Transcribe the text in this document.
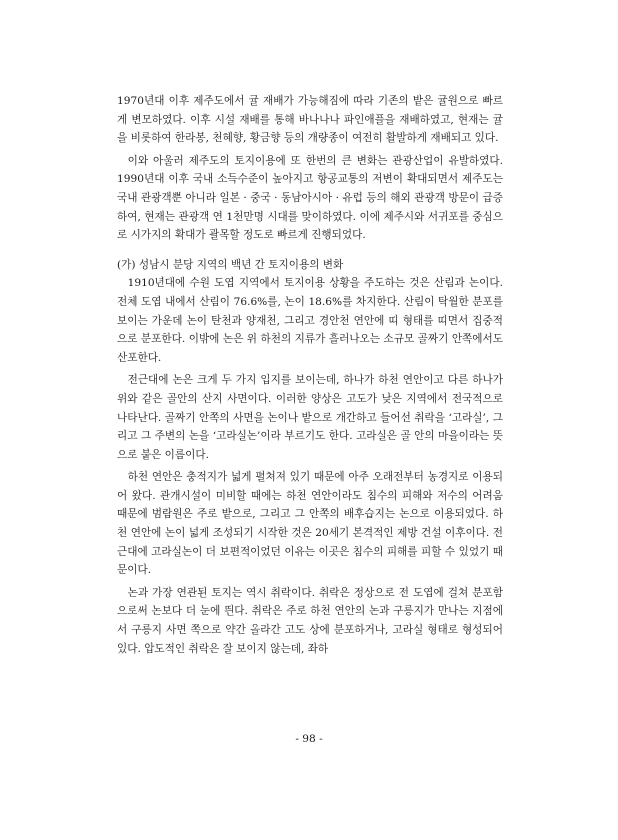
1970년대 이후 제주도에서 귤 재배가 가능해짐에 따라 기존의 밭은 귤원으로 빠르게 변모하였다. 이후 시설 재배를 통해 바나나나 파인애플을 재배하였고, 현재는 귤을 비롯하여 한라봉, 천혜향, 황금향 등의 개량종이 여전히 활발하게 재배되고 있다.

이와 아울러 제주도의 토지이용에 또 한번의 큰 변화는 관광산업이 유발하였다. 1990년대 이후 국내 소득수준이 높아지고 항공교통의 저변이 확대되면서 제주도는 국내 관광객뿐 아니라 일본 · 중국 · 동남아시아 · 유럽 등의 해외 관광객 방문이 급증하여, 현재는 관광객 연 1천만명 시대를 맞이하였다. 이에 제주시와 서귀포를 중심으로 시가지의 확대가 괄목할 정도로 빠르게 진행되었다.

(가) 성남시 분당 지역의 백년 간 토지이용의 변화

1910년대에 수원 도엽 지역에서 토지이용 상황을 주도하는 것은 산림과 논이다. 전체 도엽 내에서 산림이 76.6%를, 논이 18.6%를 차지한다. 산림이 탁월한 분포를 보이는 가운데 논이 탄천과 양재천, 그리고 경안천 연안에 띠 형태를 띠면서 집중적으로 분포한다. 이밖에 논은 위 하천의 지류가 흘러나오는 소규모 골짜기 안쪽에서도 산포한다.

전근대에 논은 크게 두 가지 입지를 보이는데, 하나가 하천 연안이고 다른 하나가 위와 같은 골안의 산지 사면이다. 이러한 양상은 고도가 낮은 지역에서 전국적으로 나타난다. 골짜기 안쪽의 사면을 논이나 밭으로 개간하고 들어선 취락을 ‘고라실’, 그리고 그 주변의 논을 ‘고라실논’이라 부르기도 한다. 고라실은 골 안의 마을이라는 뜻으로 붙은 이름이다.

하천 연안은 충적지가 넓게 펼쳐져 있기 때문에 아주 오래전부터 농경지로 이용되어 왔다. 관개시설이 미비할 때에는 하천 연안이라도 침수의 피해와 저수의 어려움 때문에 범람원은 주로 밭으로, 그리고 그 안쪽의 배후습지는 논으로 이용되었다. 하천 연안에 논이 넓게 조성되기 시작한 것은 20세기 본격적인 제방 건설 이후이다. 전근대에 고라실논이 더 보편적이었던 이유는 이곳은 침수의 피해를 피할 수 있었기 때문이다.

논과 가장 연관된 토지는 역시 취락이다. 취락은 정상으로 전 도엽에 걸쳐 분포함으로써 논보다 더 눈에 띈다. 취락은 주로 하천 연안의 논과 구릉지가 만나는 지점에서 구릉지 사면 쪽으로 약간 올라간 고도 상에 분포하거나, 고라실 형태로 형성되어 있다. 압도적인 취락은 잘 보이지 않는데, 좌하

- 98 -
